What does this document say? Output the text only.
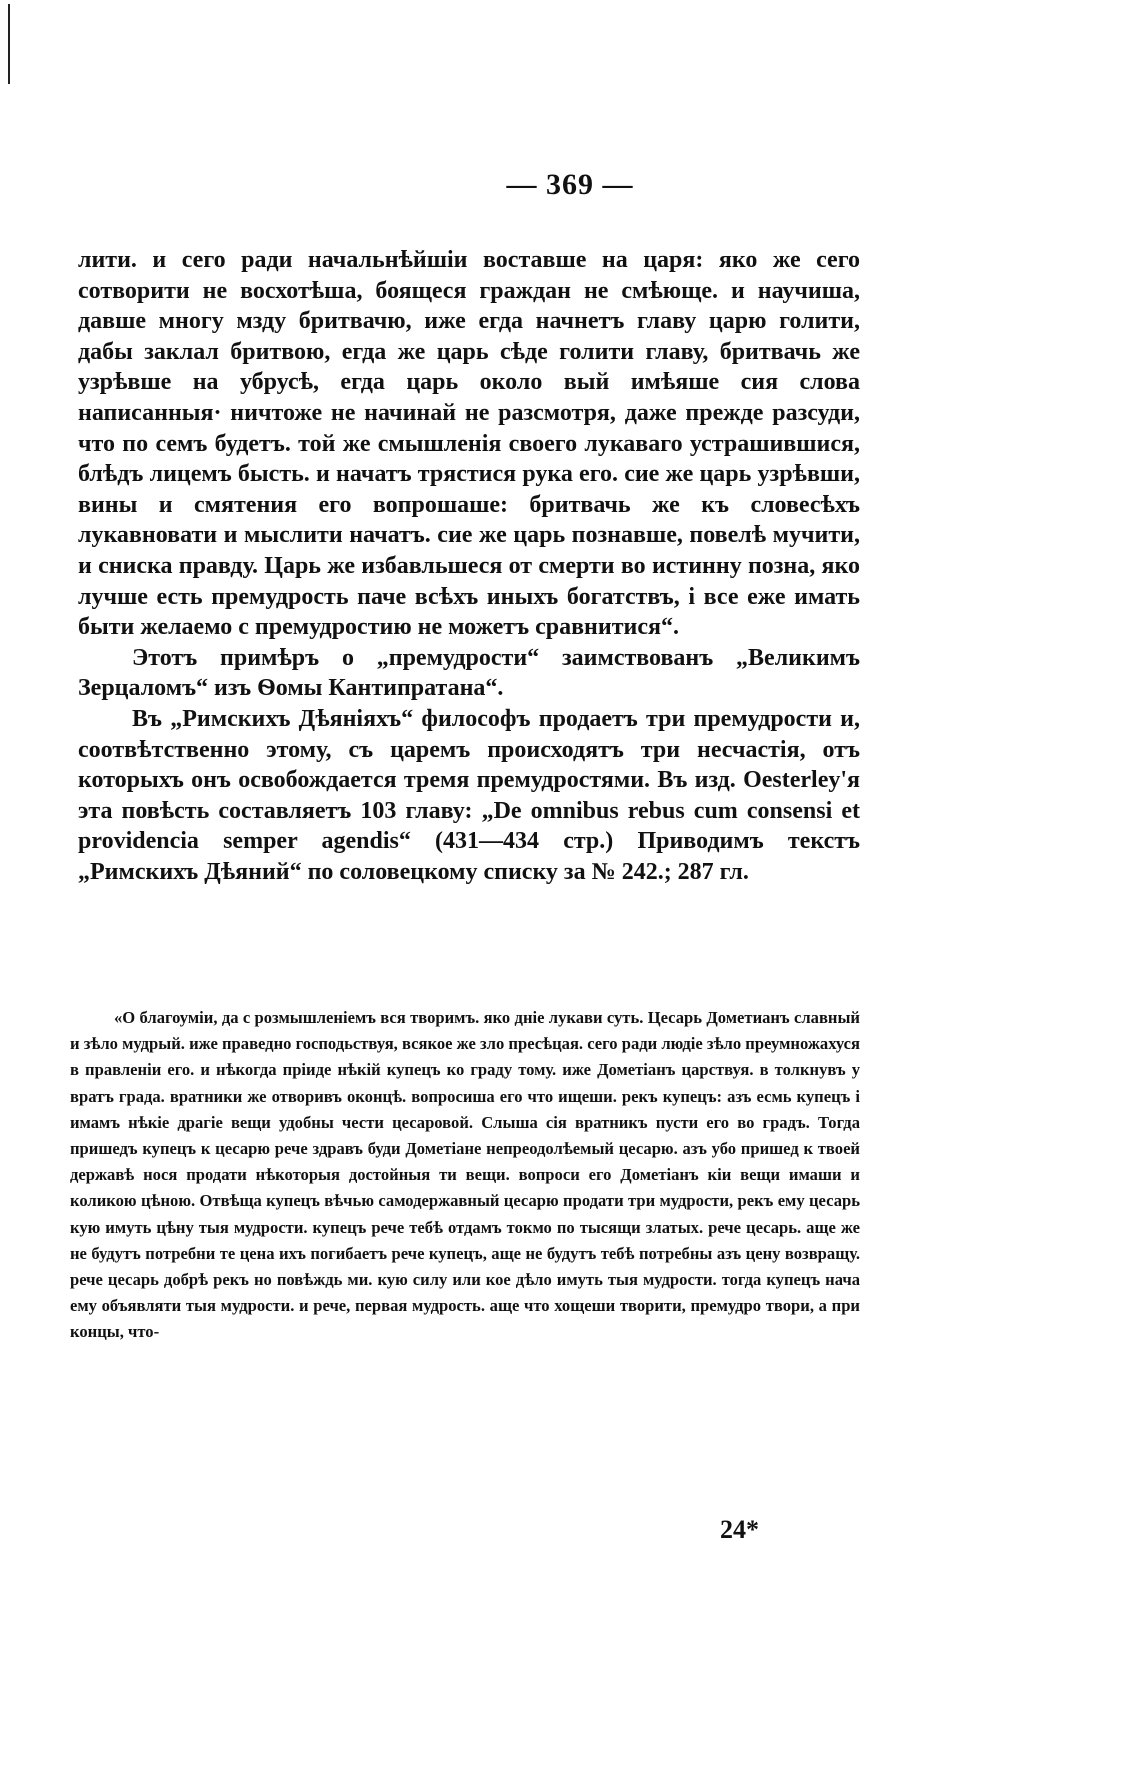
— 369 —

лити. и сего ради начальнѣйшiи воставше на царя: яко же сего сотворити не восхотѣша, боящеся граждан не смѣюще. и научиша, давше многу мзду бритвачю, иже егда начнетъ главу царю голити, дабы заклал бритвою, егда же царь сѣде голити главу, бритвачь же узрѣвше на убрусѣ, егда царь около вый имѣяше сия слова написанныя· ничтоже не начинай не разсмотря, даже прежде разсуди, что по семъ будетъ. той же смышленiя своего лукаваго устрашившися, блѣдъ лицемъ бысть. и начатъ трястися рука его. сие же царь узрѣвши, вины и смятения его вопрошаше: бритвачь же къ словесѣхъ лукавновати и мыслити начатъ. сие же царь познавше, повелѣ мучити, и сниска правду. Царь же избавльшеся от смерти во истинну позна, яко лучше есть премудрость паче всѣхъ иныхъ богатствъ, і все еже имать быти желаемо с премудростию не можетъ сравнитися“.

Этотъ примѣръ о „премудрости“ заимствованъ „Великимъ Зерцаломъ“ изъ Ѳомы Кантипратана“.

Въ „Римскихъ Дѣянiяхъ“ философъ продаетъ три премудрости и, соотвѣтственно этому, съ царемъ происходятъ три несчастiя, отъ которыхъ онъ освобождается тремя премудростями. Въ изд. Oesterley'я эта повѣсть составляетъ 103 главу: „De omnibus rebus cum consensi et providencia semper agendis“ (431—434 стр.) Приводимъ текстъ „Римскихъ Дѣяний“ по соловецкому списку за № 242.; 287 гл.

«О благоумiи, да с розмышленiемъ вся творимъ. яко днiе лукави суть. Цесарь Дометианъ славный и зѣло мудрый. иже праведно господьствуя, всякое же зло пресѣцая. сего ради людiе зѣло преумножахуся в правленiи его. и нѣкогда прiиде нѣкiй купецъ ко граду тому. иже Дометiанъ царствуя. в толкнувъ у вратъ града. вратники же отворивъ оконцѣ. вопросиша его что ищеши. рекъ купецъ: азъ есмь купецъ і имамъ нѣкiе драгiе вещи удобны чести цесаровой. Слыша сiя вратникъ пусти его во градъ. Тогда пришедъ купецъ к цесарю рече здравъ буди Дометiане непреодолѣемый цесарю. азъ убо пришед к твоей державѣ нося продати нѣкоторыя достойныя ти вещи. вопроси его Дометiанъ кiи вещи имаши и коликою цѣною. Отвѣща купецъ вѣчью самодержавный цесарю продати три мудрости, рекъ ему цесарь кую имуть цѣну тыя мудрости. купецъ рече тебѣ отдамъ токмо по тысящи златых. рече цесарь. аще же не будутъ потребни те цена ихъ погибаетъ рече купецъ, аще не будутъ тебѣ потребны азъ цену возвращу. рече цесарь добрѣ рекъ но повѣждь ми. кую силу или кое дѣло имуть тыя мудрости. тогда купецъ нача ему объявляти тыя мудрости. и рече, первая мудрость. аще что хощеши творити, премудро твори, а при концы, что-

24*
